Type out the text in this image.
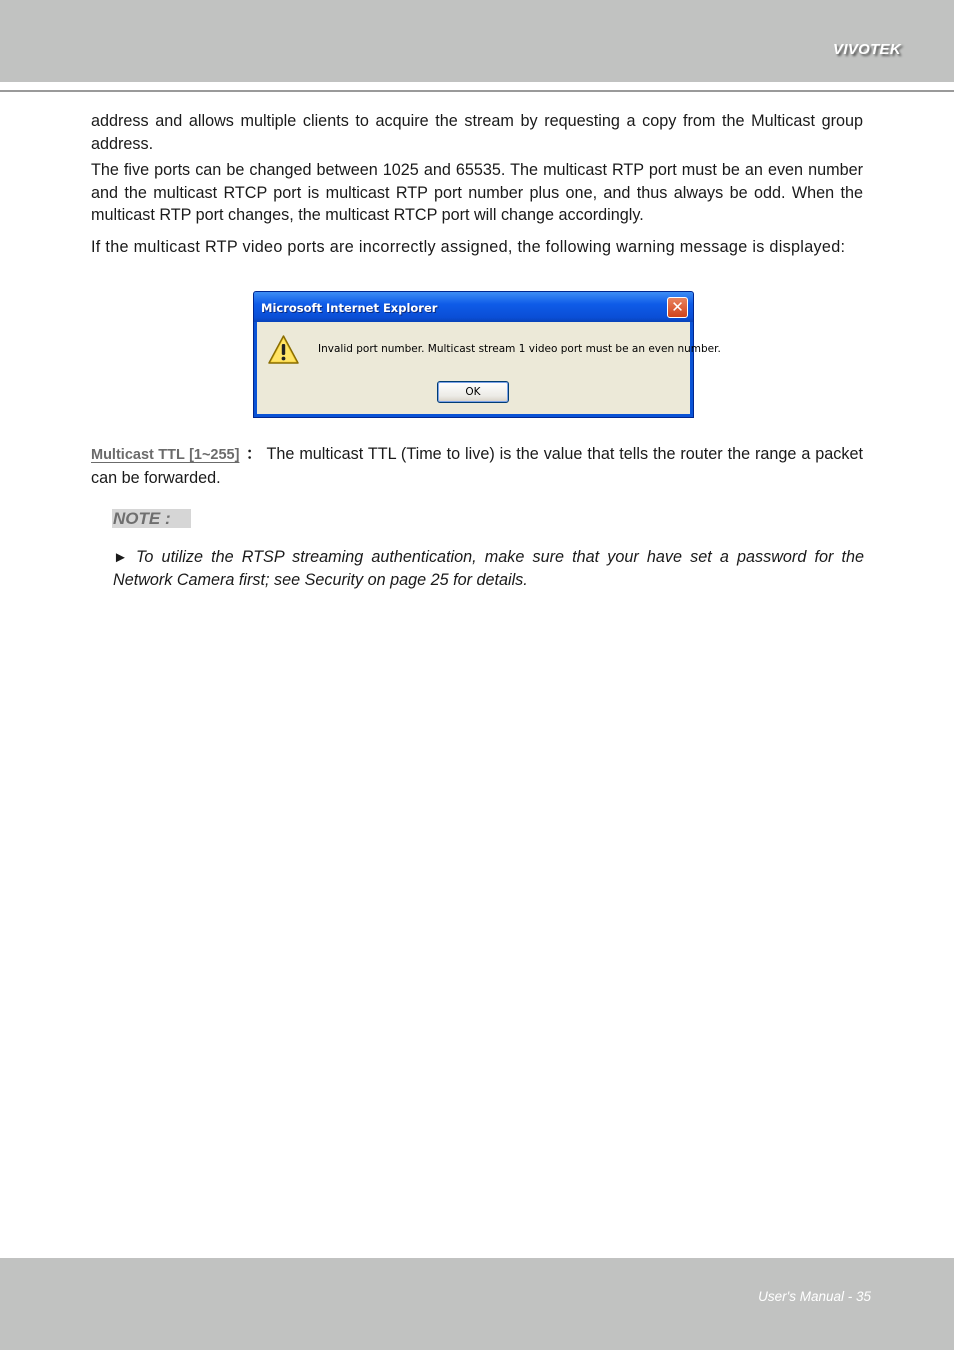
VIVOTEK

address and allows multiple clients to acquire the stream by requesting a copy from the Multicast group address.

The five ports can be changed between 1025 and 65535. The multicast RTP port must be an even number and the multicast RTCP port is multicast RTP port number plus one, and thus always be odd. When the multicast RTP port changes, the multicast RTCP port will change accordingly.

If the multicast RTP video ports are incorrectly assigned, the following warning message is displayed:

Microsoft Internet Explorer	✕
Invalid port number. Multicast stream 1 video port must be an even number.
OK
Multicast TTL [1~255] ： The multicast TTL (Time to live) is the value that tells the router the range a packet can be forwarded.
NOTE :
► To utilize the RTSP streaming authentication, make sure that your have set a password for the Network Camera first; see Security on page 25 for details.
User's Manual - 35
